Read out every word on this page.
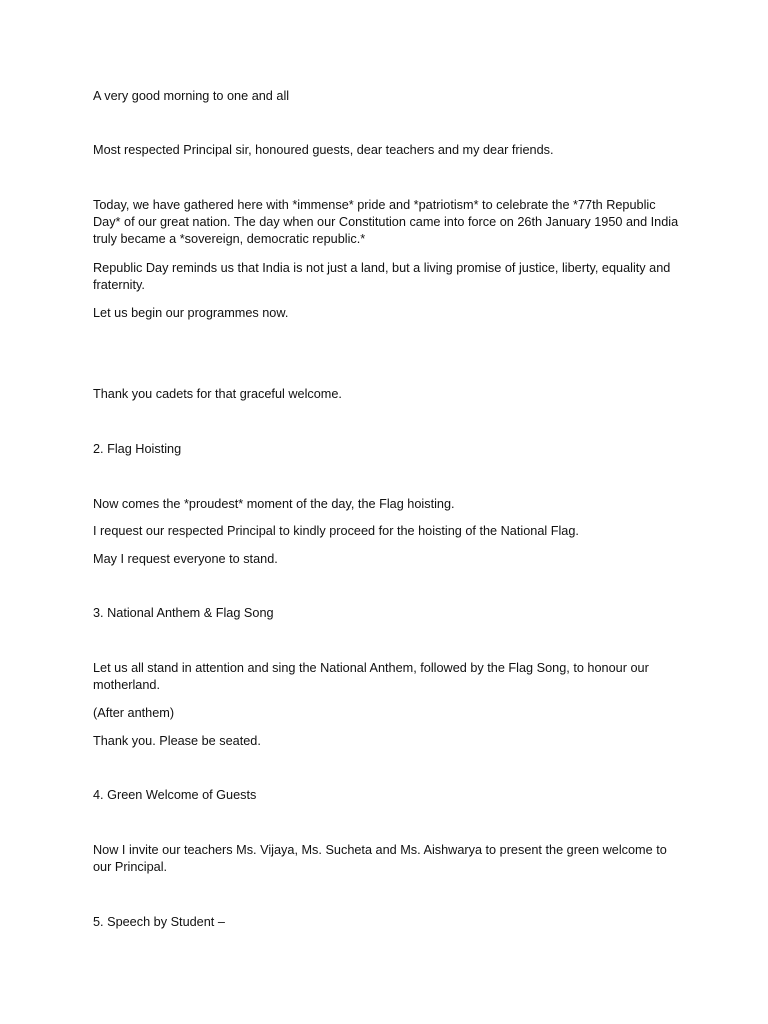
A very good morning to one and all

Most respected Principal sir, honoured guests, dear teachers and my dear friends.

Today, we have gathered here with *immense* pride and *patriotism* to celebrate the *77th Republic Day* of our great nation. The day when our Constitution came into force on 26th January 1950 and India truly became a *sovereign, democratic republic.*

Republic Day reminds us that India is not just a land, but a living promise of justice, liberty, equality and fraternity.

Let us begin our programmes now.

Thank you cadets for that graceful welcome.

2. Flag Hoisting

Now comes the *proudest* moment of the day, the Flag hoisting.

I request our respected Principal to kindly proceed for the hoisting of the National Flag.

May I request everyone to stand.

3. National Anthem & Flag Song

Let us all stand in attention and sing the National Anthem, followed by the Flag Song, to honour our motherland.

(After anthem)

Thank you. Please be seated.

4. Green Welcome of Guests

Now I invite our teachers Ms. Vijaya, Ms. Sucheta and Ms. Aishwarya to present the green welcome to our Principal.

5. Speech by Student –
